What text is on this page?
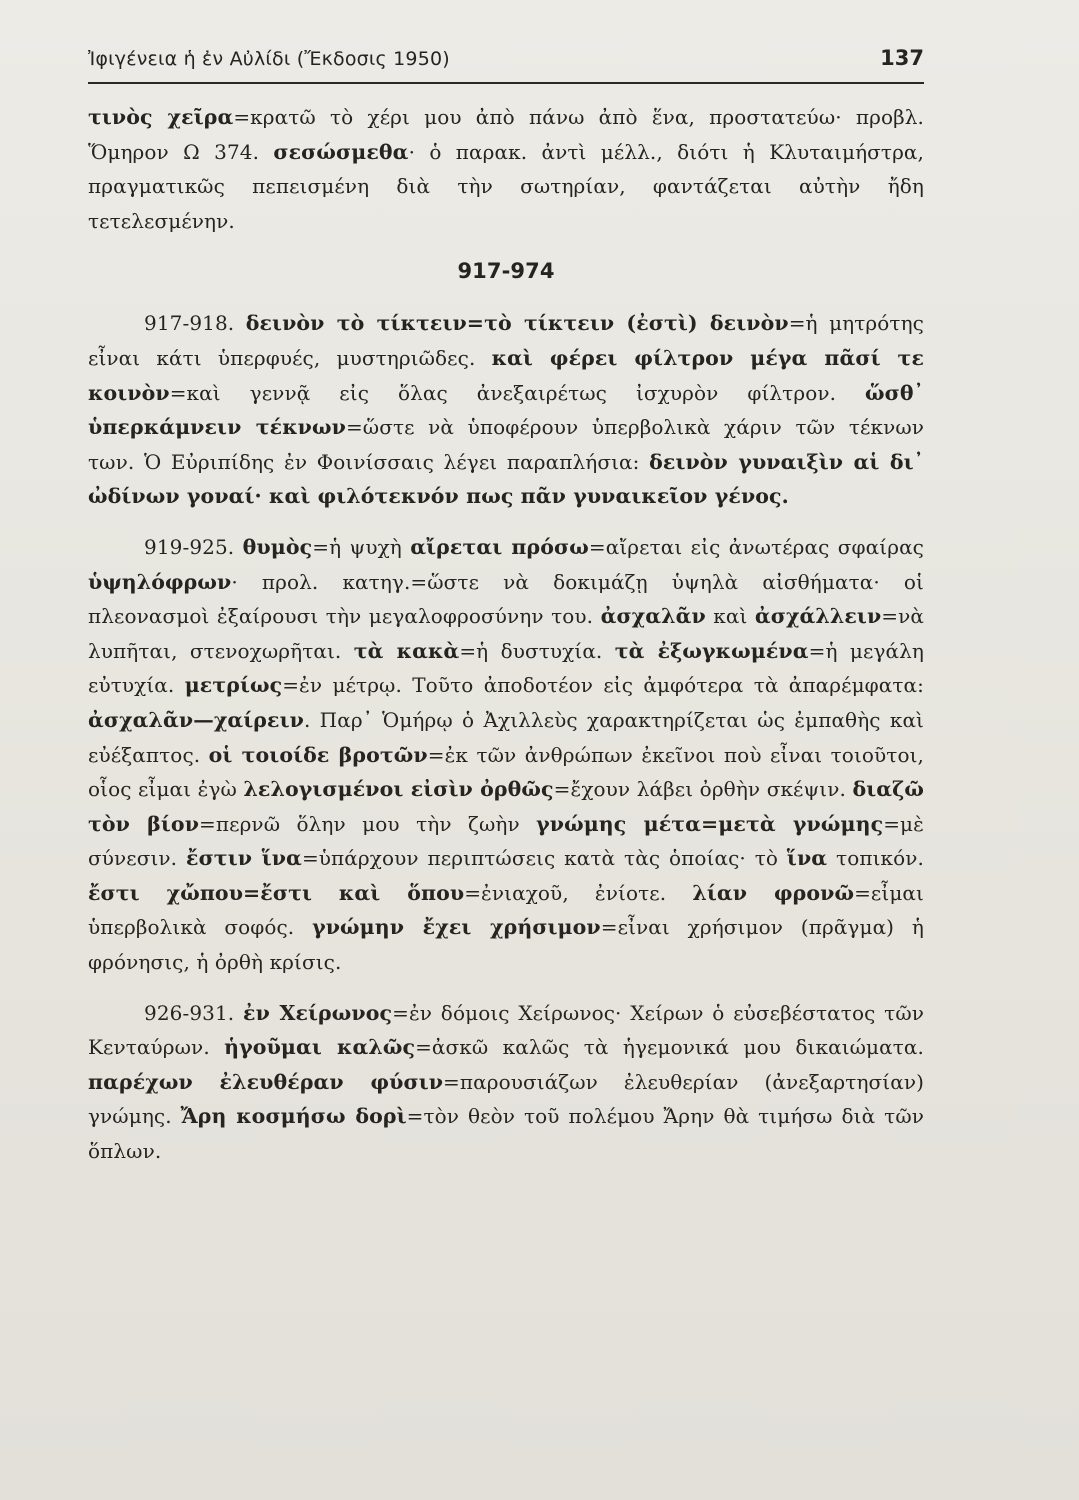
Ἰφιγένεια ἡ ἐν Αὐλίδι (Ἔκδοσις 1950)	137

τινὸς χεῖρα=κρατῶ τὸ χέρι μου ἀπὸ πάνω ἀπὸ ἕνα, προστατεύω· προβλ. Ὅμηρον Ω 374. σεσώσμεθα· ὁ παρακ. ἀντὶ μέλλ., διότι ἡ Κλυταιμήστρα, πραγματικῶς πεπεισμένη διὰ τὴν σωτηρίαν, φαντάζεται αὐτὴν ἤδη τετελεσμένην.

917-974

917-918. δεινὸν τὸ τίκτειν=τὸ τίκτειν (ἐστὶ) δεινὸν=ἡ μητρότης εἶναι κάτι ὑπερφυές, μυστηριῶδες. καὶ φέρει φίλτρον μέγα πᾶσί τε κοινὸν=καὶ γεννᾷ εἰς ὅλας ἀνεξαιρέτως ἰσχυρὸν φίλτρον. ὥσθ᾽ ὑπερκάμνειν τέκνων=ὥστε νὰ ὑποφέρουν ὑπερβολικὰ χάριν τῶν τέκνων των. Ὁ Εὐριπίδης ἐν Φοινίσσαις λέγει παραπλήσια: δεινὸν γυναιξὶν αἱ δι᾽ ὠδίνων γοναί· καὶ φιλότεκνόν πως πᾶν γυναικεῖον γένος.

919-925. θυμὸς=ἡ ψυχὴ αἴρεται πρόσω=αἴρεται εἰς ἀνωτέρας σφαίρας ὑψηλόφρων· προλ. κατηγ.=ὥστε νὰ δοκιμάζῃ ὑψηλὰ αἰσθήματα· οἱ πλεονασμοὶ ἐξαίρουσι τὴν μεγαλοφροσύνην του. ἀσχαλᾶν καὶ ἀσχάλλειν=νὰ λυπῆται, στενοχωρῆται. τὰ κακὰ=ἡ δυστυχία. τὰ ἐξωγκωμένα=ἡ μεγάλη εὐτυχία. μετρίως=ἐν μέτρῳ. Τοῦτο ἀποδοτέον εἰς ἀμφότερα τὰ ἀπαρέμφατα: ἀσχαλᾶν—χαίρειν. Παρ᾽ Ὁμήρῳ ὁ Ἀχιλλεὺς χαρακτηρίζεται ὡς ἐμπαθὴς καὶ εὐέξαπτος. οἱ τοιοίδε βροτῶν=ἐκ τῶν ἀνθρώπων ἐκεῖνοι ποὺ εἶναι τοιοῦτοι, οἷος εἶμαι ἐγὼ λελογισμένοι εἰσὶν ὀρθῶς=ἔχουν λάβει ὀρθὴν σκέψιν. διαζῶ τὸν βίον=περνῶ ὅλην μου τὴν ζωὴν γνώμης μέτα=μετὰ γνώμης=μὲ σύνεσιν. ἔστιν ἵνα=ὑπάρχουν περιπτώσεις κατὰ τὰς ὁποίας· τὸ ἵνα τοπικόν. ἔστι χὤπου=ἔστι καὶ ὅπου=ἐνιαχοῦ, ἐνίοτε. λίαν φρονῶ=εἶμαι ὑπερβολικὰ σοφός. γνώμην ἔχει χρήσιμον=εἶναι χρήσιμον (πρᾶγμα) ἡ φρόνησις, ἡ ὀρθὴ κρίσις.

926-931. ἐν Χείρωνος=ἐν δόμοις Χείρωνος· Χείρων ὁ εὐσεβέστατος τῶν Κενταύρων. ἡγοῦμαι καλῶς=ἀσκῶ καλῶς τὰ ἡγεμονικά μου δικαιώματα. παρέχων ἐλευθέραν φύσιν=παρουσιάζων ἐλευθερίαν (ἀνεξαρτησίαν) γνώμης. Ἄρη κοσμήσω δορὶ=τὸν θεὸν τοῦ πολέμου Ἄρην θὰ τιμήσω διὰ τῶν ὅπλων.
